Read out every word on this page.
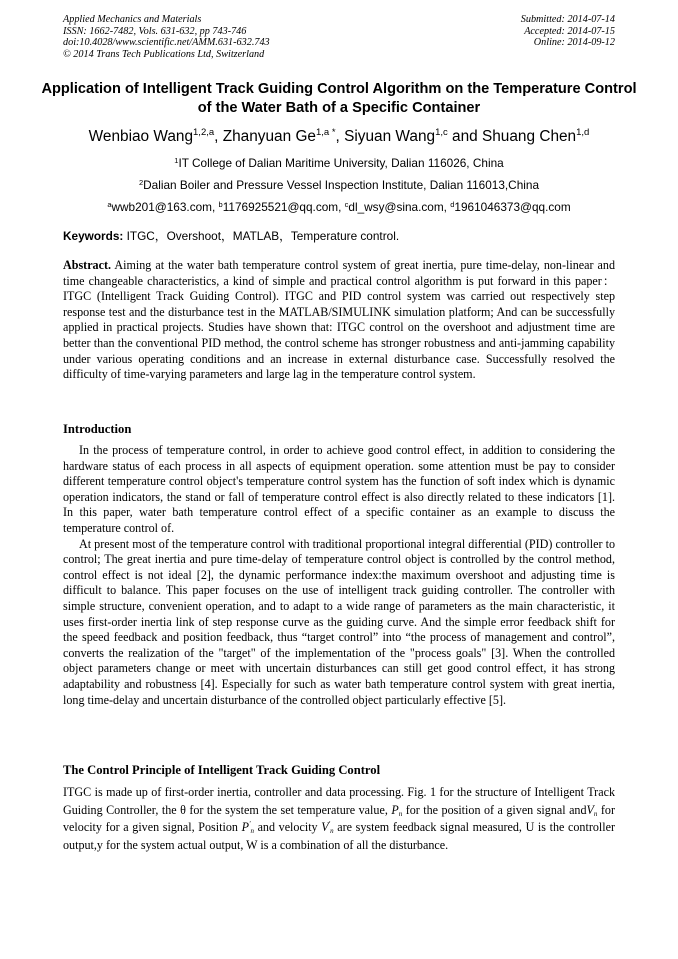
Applied Mechanics and Materials
ISSN: 1662-7482, Vols. 631-632, pp 743-746
doi:10.4028/www.scientific.net/AMM.631-632.743
© 2014 Trans Tech Publications Ltd, Switzerland
Submitted: 2014-07-14
Accepted: 2014-07-15
Online: 2014-09-12
Application of Intelligent Track Guiding Control Algorithm on the Temperature Control of the Water Bath of a Specific Container
Wenbiao Wang$^{1,2,a}$, Zhanyuan $Ge^{1,a *}$, Siyuan Wang$^{1,c}$ and Shuang Chen$^{1,d}$
$^1$IT College of Dalian Maritime University, Dalian 116026, China
$^2$Dalian Boiler and Pressure Vessel Inspection Institute, Dalian 116013,China
$^a$wwb201@163.com, $^b$1176925521@qq.com, $^c$dl_wsy@sina.com, $^d$1961046373@qq.com
Keywords: ITGC，Overshoot，MATLAB，Temperature control.

Abstract. Aiming at the water bath temperature control system of great inertia, pure time-delay, non-linear and time changeable characteristics, a kind of simple and practical control algorithm is put forward in this paper：ITGC (Intelligent Track Guiding Control). ITGC and PID control system was carried out respectively step response test and the disturbance test in the MATLAB/SIMULINK simulation platform; And can be successfully applied in practical projects. Studies have shown that: ITGC control on the overshoot and adjustment time are better than the conventional PID method, the control scheme has stronger robustness and anti-jamming capability under various operating conditions and an increase in external disturbance case. Successfully resolved the difficulty of time-varying parameters and large lag in the temperature control system.

Introduction

In the process of temperature control, in order to achieve good control effect, in addition to considering the hardware status of each process in all aspects of equipment operation. some attention must be pay to consider different temperature control object's temperature control system has the function of soft index which is dynamic operation indicators, the stand or fall of temperature control effect is also directly related to these indicators [1]. In this paper, water bath temperature control effect of a specific container as an example to discuss the temperature control of.

At present most of the temperature control with traditional proportional integral differential (PID) controller to control; The great inertia and pure time-delay of temperature control object is controlled by the control method, control effect is not ideal [2], the dynamic performance index:the maximum overshoot and adjusting time is difficult to balance. This paper focuses on the use of intelligent track guiding controller. The controller with simple structure, convenient operation, and to adapt to a wide range of parameters as the main characteristic, it uses first-order inertia link of step response curve as the guiding curve. And the simple error feedback shift for the speed feedback and position feedback, thus “target control” into “the process of management and control”, converts the realization of the "target" of the implementation of the "process goals" [3]. When the controlled object parameters change or meet with uncertain disturbances can still get good control effect, it has strong adaptability and robustness [4]. Especially for such as water bath temperature control system with great inertia, long time-delay and uncertain disturbance of the controlled object particularly effective [5].

The Control Principle of Intelligent Track Guiding Control

ITGC is made up of first-order inertia, controller and data processing. Fig. 1 for the structure of Intelligent Track Guiding Controller, the θ for the system the set temperature value, $P_n$ for the position of a given signal andV$_n$ for velocity for a given signal, Position $P'_n$ and velocity $V'_n$ are system feedback signal measured, U is the controller output,y for the system actual output, W is a combination of all the disturbance.
